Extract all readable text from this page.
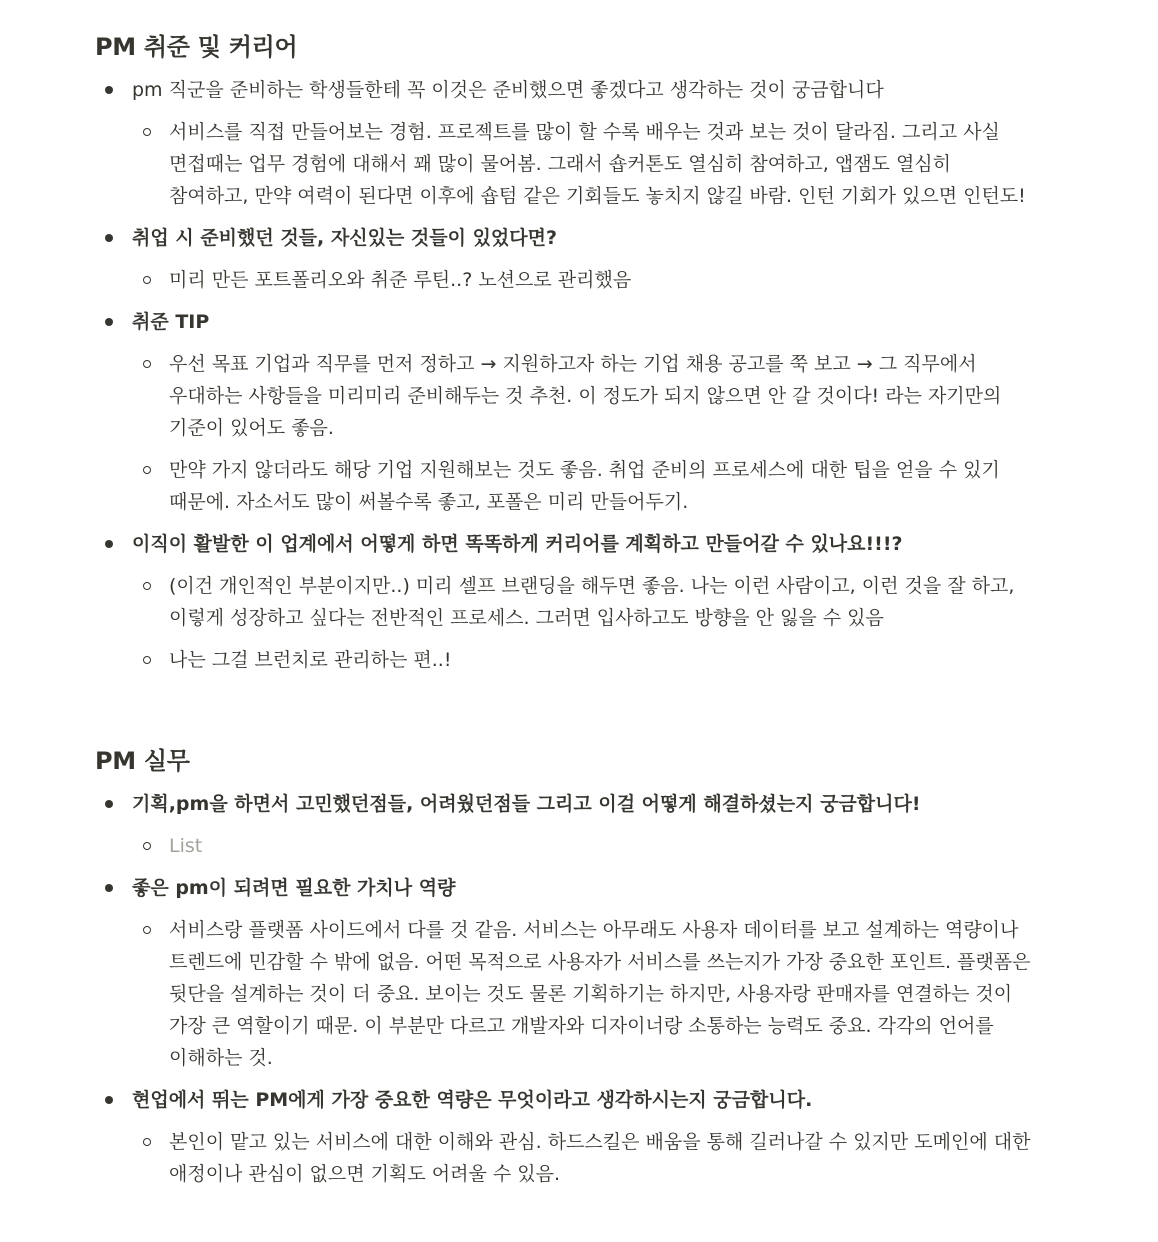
PM 취준 및 커리어
pm 직군을 준비하는 학생들한테 꼭 이것은 준비했으면 좋겠다고 생각하는 것이 궁금합니다
서비스를 직접 만들어보는 경험. 프로젝트를 많이 할 수록 배우는 것과 보는 것이 달라짐. 그리고 사실 면접때는 업무 경험에 대해서 꽤 많이 물어봄. 그래서 숍커톤도 열심히 참여하고, 앱잼도 열심히 참여하고, 만약 여력이 된다면 이후에 숍텀 같은 기회들도 놓치지 않길 바람. 인턴 기회가 있으면 인턴도!
취업 시 준비했던 것들, 자신있는 것들이 있었다면?
미리 만든 포트폴리오와 취준 루틴..? 노션으로 관리했음
취준 TIP
우선 목표 기업과 직무를 먼저 정하고 → 지원하고자 하는 기업 채용 공고를 쭉 보고 → 그 직무에서 우대하는 사항들을 미리미리 준비해두는 것 추천. 이 정도가 되지 않으면 안 갈 것이다! 라는 자기만의 기준이 있어도 좋음.
만약 가지 않더라도 해당 기업 지원해보는 것도 좋음. 취업 준비의 프로세스에 대한 팁을 얻을 수 있기 때문에. 자소서도 많이 써볼수록 좋고, 포폴은 미리 만들어두기.
이직이 활발한 이 업계에서 어떻게 하면 똑똑하게 커리어를 계획하고 만들어갈 수 있나요!!!?
(이건 개인적인 부분이지만..) 미리 셀프 브랜딩을 해두면 좋음. 나는 이런 사람이고, 이런 것을 잘 하고, 이렇게 성장하고 싶다는 전반적인 프로세스. 그러면 입사하고도 방향을 안 잃을 수 있음
나는 그걸 브런치로 관리하는 편..!
PM 실무
기획,pm을 하면서 고민했던점들, 어려웠던점들 그리고 이걸 어떻게 해결하셨는지 궁금합니다!
List
좋은 pm이 되려면 필요한 가치나 역량
서비스랑 플랫폼 사이드에서 다를 것 같음. 서비스는 아무래도 사용자 데이터를 보고 설계하는 역량이나 트렌드에 민감할 수 밖에 없음. 어떤 목적으로 사용자가 서비스를 쓰는지가 가장 중요한 포인트. 플랫폼은 뒷단을 설계하는 것이 더 중요. 보이는 것도 물론 기획하기는 하지만, 사용자랑 판매자를 연결하는 것이 가장 큰 역할이기 때문. 이 부분만 다르고 개발자와 디자이너랑 소통하는 능력도 중요. 각각의 언어를 이해하는 것.
현업에서 뛰는 PM에게 가장 중요한 역량은 무엇이라고 생각하시는지 궁금합니다.
본인이 맡고 있는 서비스에 대한 이해와 관심. 하드스킬은 배움을 통해 길러나갈 수 있지만 도메인에 대한 애정이나 관심이 없으면 기획도 어려울 수 있음.
